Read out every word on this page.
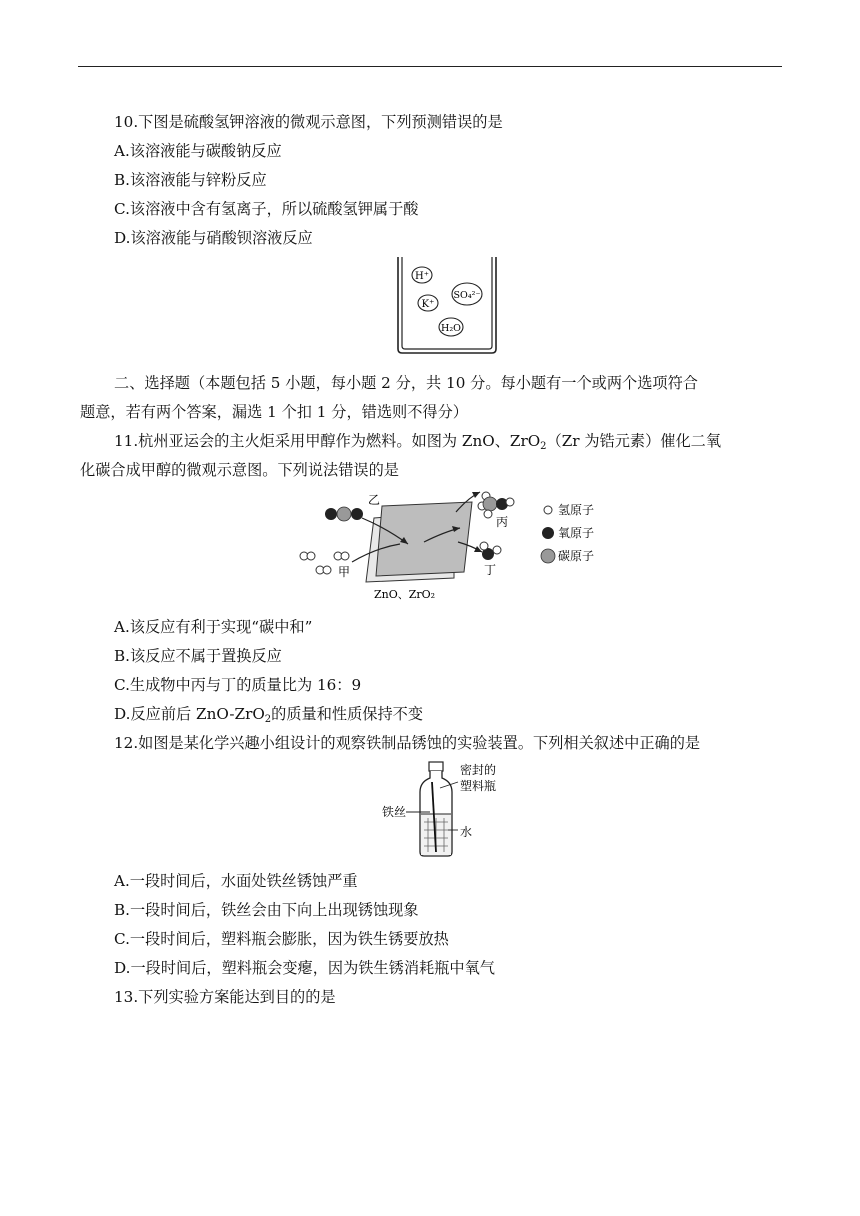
10.下图是硫酸氢钾溶液的微观示意图，下列预测错误的是
A.该溶液能与碳酸钠反应
B.该溶液能与锌粉反应
C.该溶液中含有氢离子，所以硫酸氢钾属于酸
D.该溶液能与硝酸钡溶液反应
H⁺
K⁺
SO₄²⁻
H₂O
二、选择题（本题包括 5 小题，每小题 2 分，共 10 分。每小题有一个或两个选项符合
题意，若有两个答案，漏选 1 个扣 1 分，错选则不得分）
11.杭州亚运会的主火炬采用甲醇作为燃料。如图为 ZnO、ZrO$_2$（Zr 为锆元素）催化二氧
化碳合成甲醇的微观示意图。下列说法错误的是
乙
甲
丙
丁
ZnO、ZrO₂
氢原子
氧原子
碳原子
A.该反应有利于实现“碳中和”
B.该反应不属于置换反应
C.生成物中丙与丁的质量比为 16：9
D.反应前后 ZnO-ZrO$_2$的质量和性质保持不变
12.如图是某化学兴趣小组设计的观察铁制品锈蚀的实验装置。下列相关叙述中正确的是
密封的
塑料瓶
铁丝
水
A.一段时间后，水面处铁丝锈蚀严重
B.一段时间后，铁丝会由下向上出现锈蚀现象
C.一段时间后，塑料瓶会膨胀，因为铁生锈要放热
D.一段时间后，塑料瓶会变瘪，因为铁生锈消耗瓶中氧气
13.下列实验方案能达到目的的是
